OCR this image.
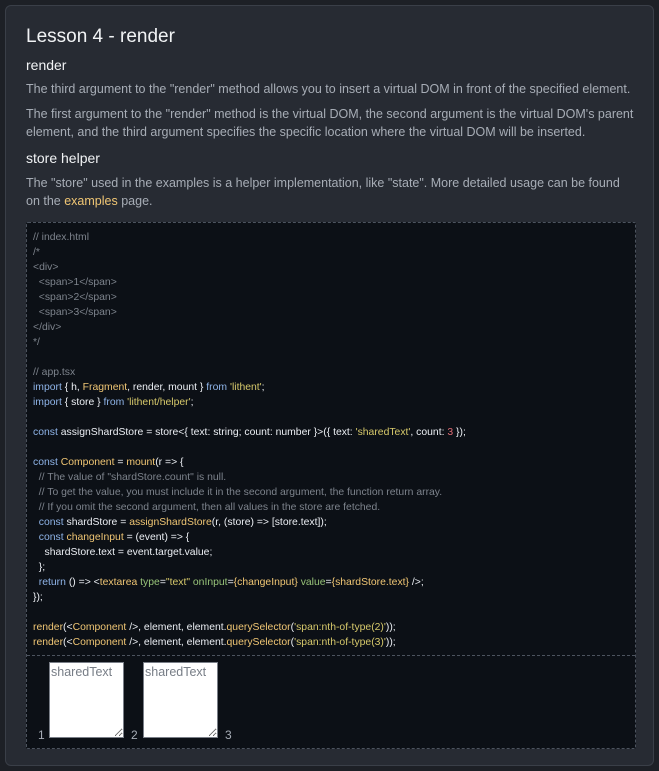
Lesson 4 - render
render

The third argument to the "render" method allows you to insert a virtual DOM in front of the specified element.

The first argument to the "render" method is the virtual DOM, the second argument is the virtual DOM's parent element, and the third argument specifies the specific location where the virtual DOM will be inserted.

store helper

The "store" used in the examples is a helper implementation, like "state". More detailed usage can be found on the examples page.

// index.html
/*
<div>
<span>1</span>
<span>2</span>
<span>3</span>
</div>
*/
// app.tsx
import { h, Fragment, render, mount } from 'lithent';
import { store } from 'lithent/helper';
const assignShardStore = store<{ text: string; count: number }>({ text: 'sharedText', count: 3 });
const Component = mount(r => {
// The value of "shardStore.count" is null.
// To get the value, you must include it in the second argument, the function return array.
// If you omit the second argument, then all values in the store are fetched.
const shardStore = assignShardStore(r, (store) => [store.text]);
const changeInput = (event) => {
shardStore.text = event.target.value;
};
return () => <textarea type="text" onInput={changeInput} value={shardStore.text} />;
});
render(<Component />, element, element.querySelector('span:nth-of-type(2)'));
render(<Component />, element, element.querySelector('span:nth-of-type(3)'));
1
sharedText	2
sharedText	3
